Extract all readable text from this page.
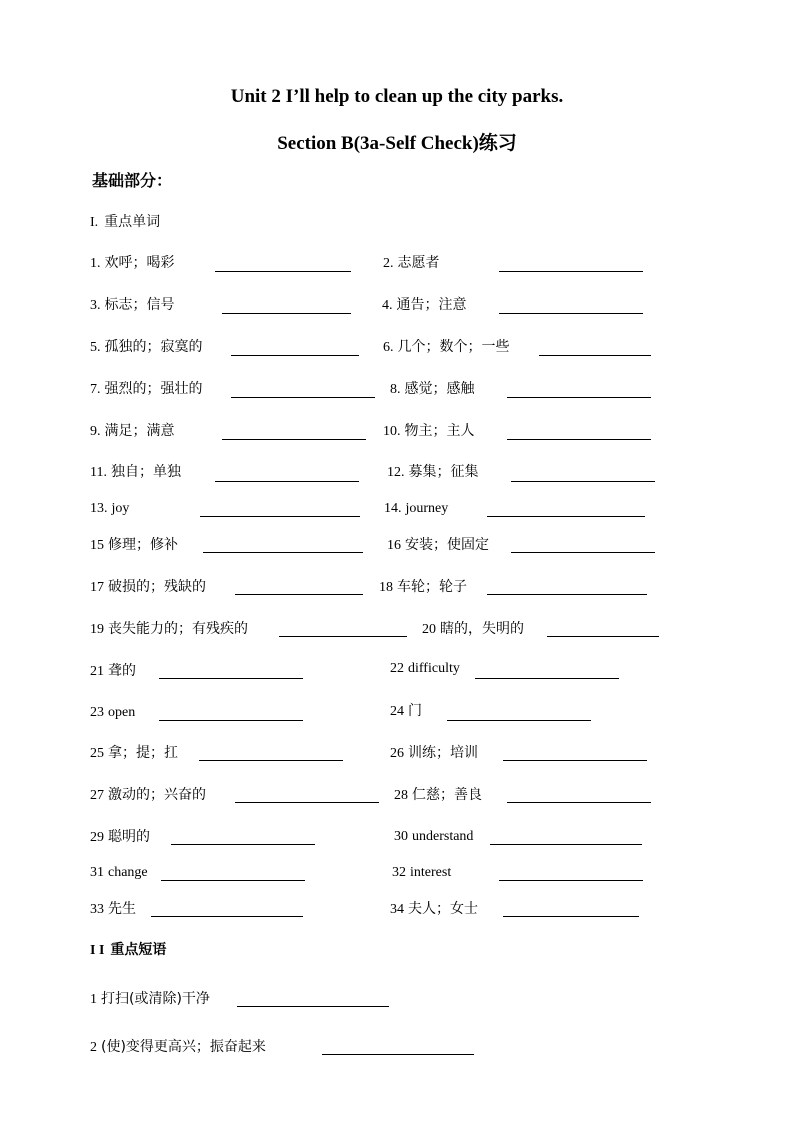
Unit 2 I’ll help to clean up the city parks.
Section B(3a-Self Check)练习
基础部分：
I. 重点单词
1. 欢呼；喝彩	2. 志愿者
3. 标志；信号	4. 通告；注意
5. 孤独的；寂寞的	6. 几个；数个；一些
7. 强烈的；强壮的	8. 感觉；感触
9. 满足；满意	10. 物主；主人
11. 独自；单独	12. 募集；征集
13. joy	14. journey
15 修理；修补	16 安装；使固定
17 破损的；残缺的	18 车轮；轮子
19 丧失能力的；有残疾的	20 瞎的，失明的
21 聋的	22 difficulty
23 open	24 门
25 拿；提；扛	26 训练；培训
27 激动的；兴奋的	28 仁慈；善良
29 聪明的	30 understand
31 change	32 interest
33 先生	34 夫人；女士
I I 重点短语
1 打扫(或清除)干净
2 (使)变得更高兴；振奋起来
